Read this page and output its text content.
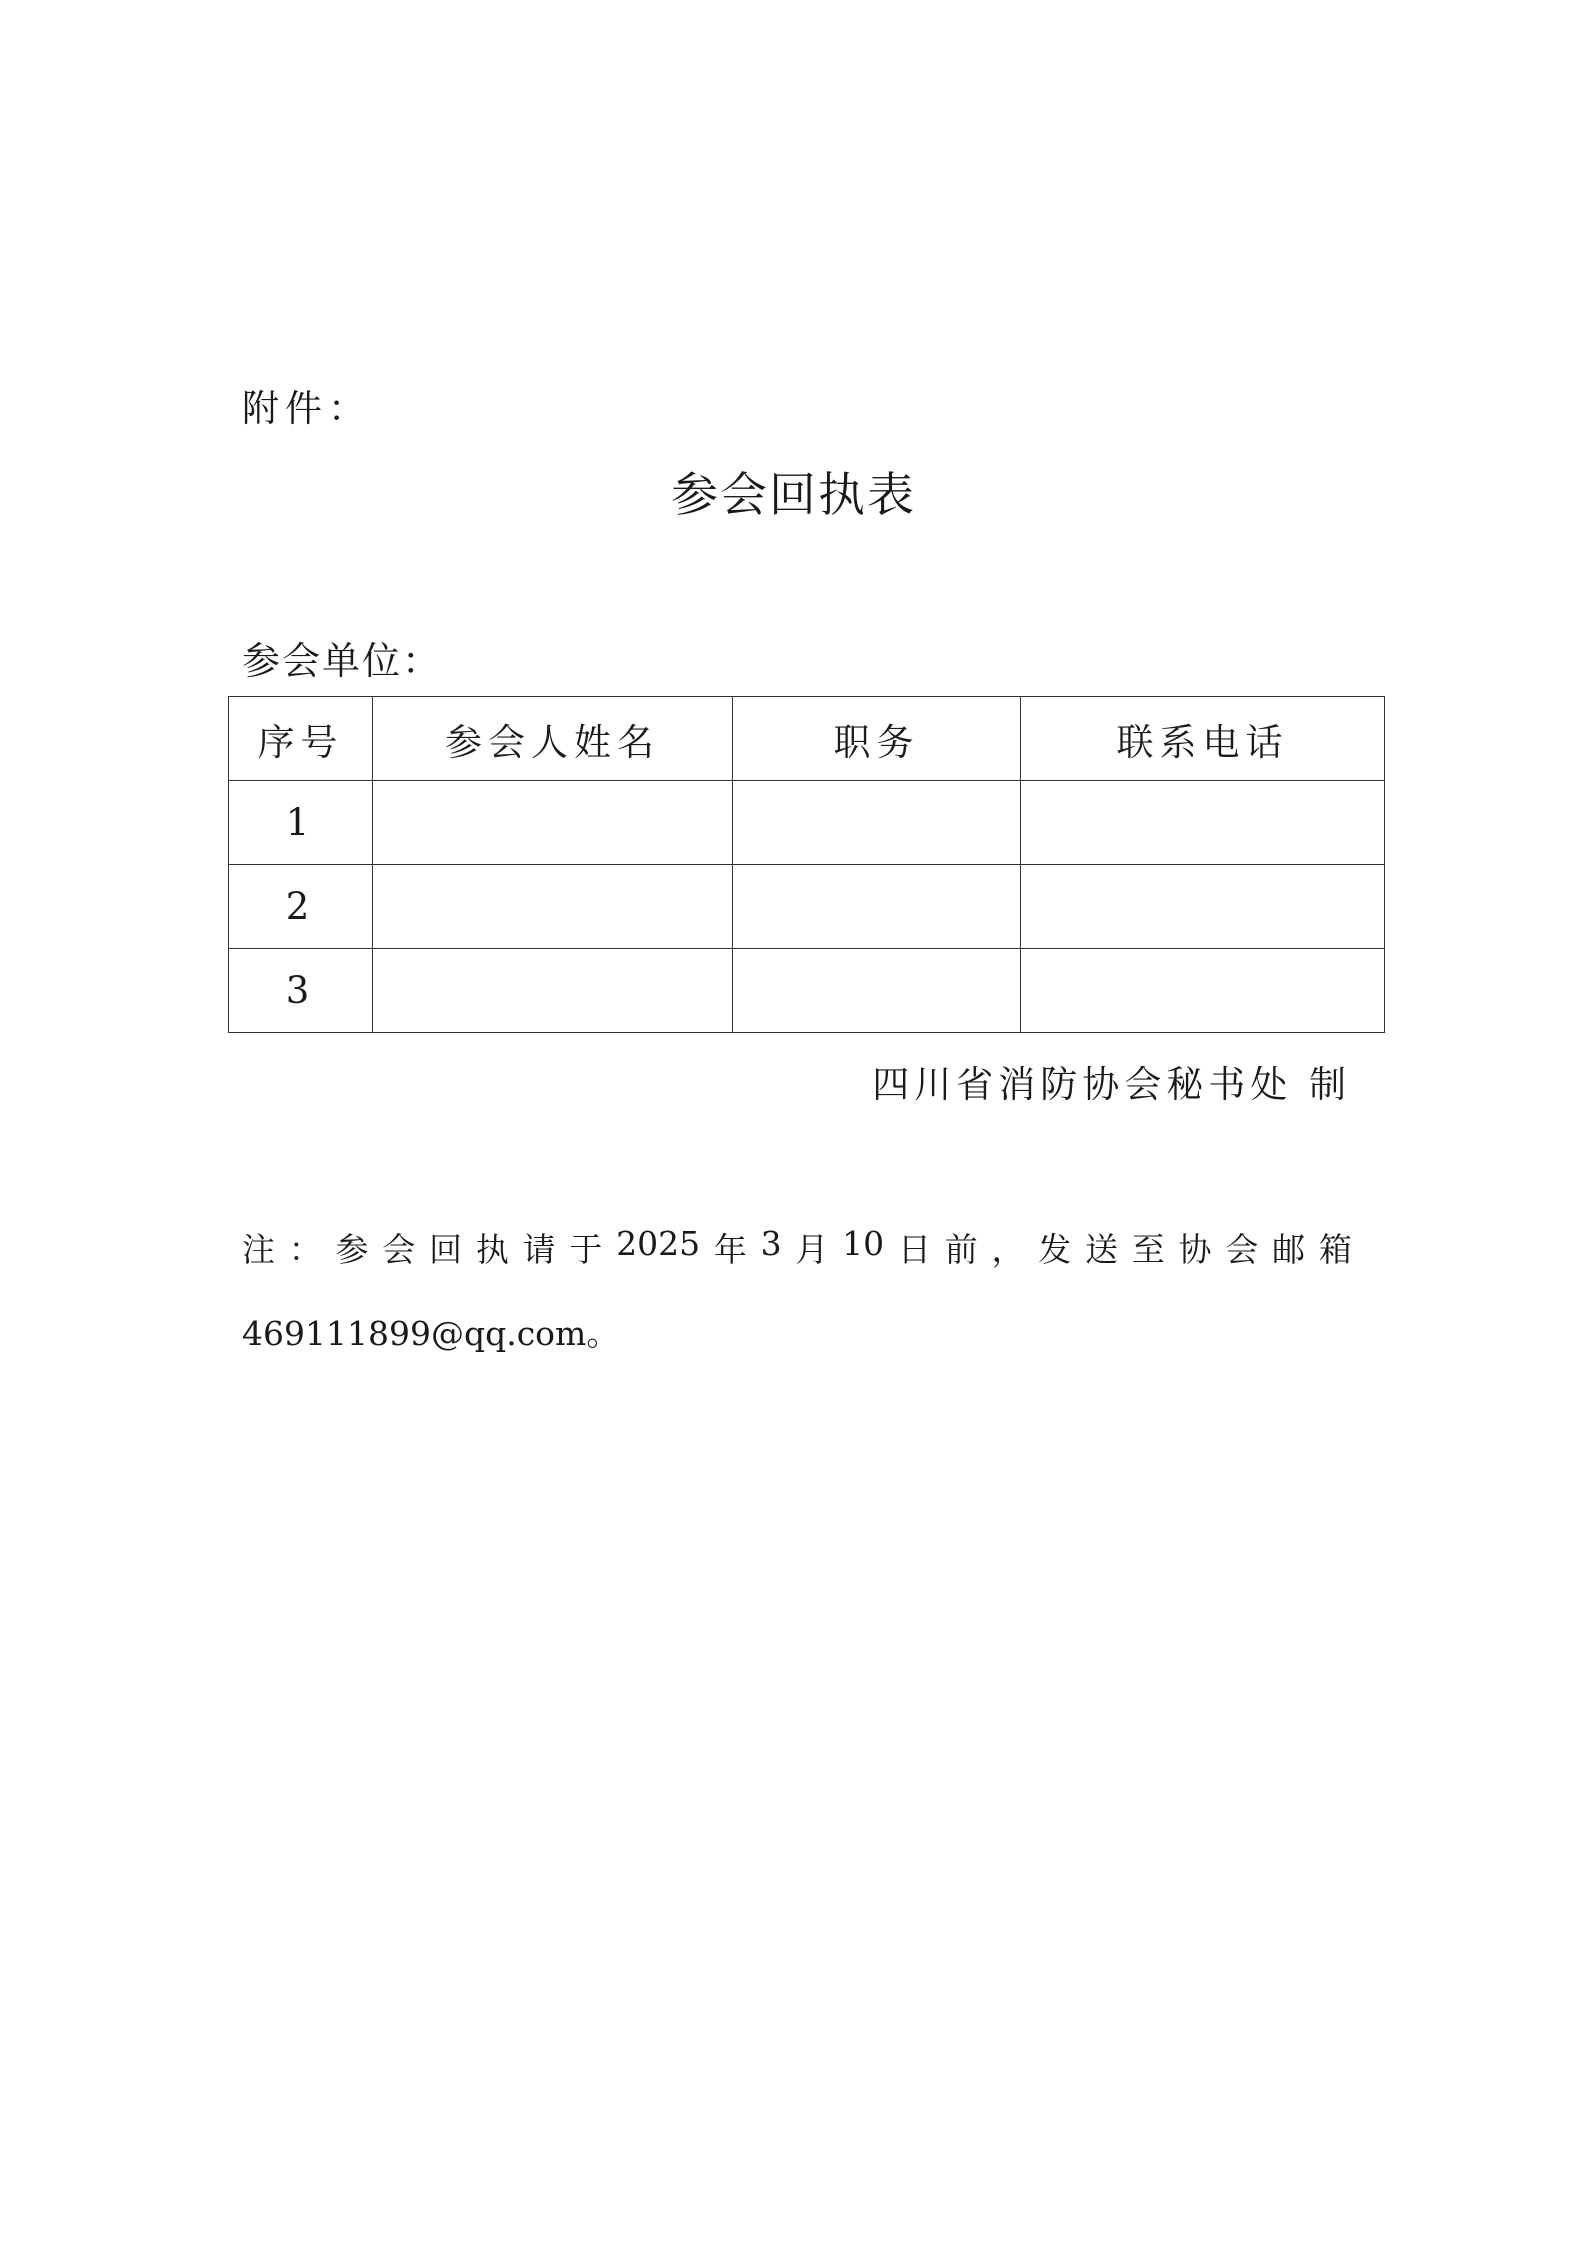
附件：
参会回执表
参会单位：
序号	参会人姓名	职务	联系电话
1			
2			
3			
四川省消防协会秘书处 制
注 ： 参 会 回 执 请 于 2025 年 3 月 10 日 前 ， 发 送 至 协 会 邮 箱
469111899@qq.com。
